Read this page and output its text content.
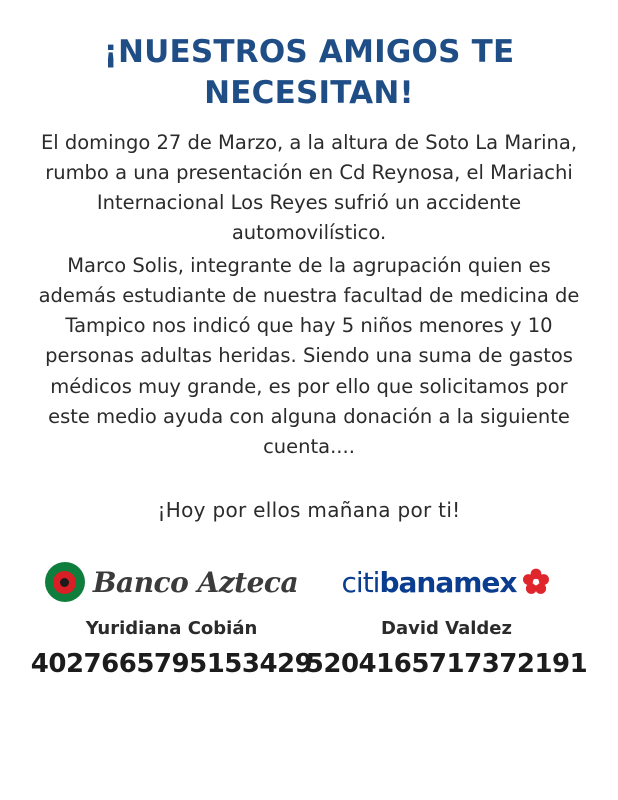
¡NUESTROS AMIGOS TE NECESITAN!

El domingo 27 de Marzo, a la altura de Soto La Marina, rumbo a una presentación en Cd Reynosa, el Mariachi Internacional Los Reyes sufrió un accidente automovilístico.

Marco Solis, integrante de la agrupación quien es además estudiante de nuestra facultad de medicina de Tampico nos indicó que hay 5 niños menores y 10 personas adultas heridas. Siendo una suma de gastos médicos muy grande, es por ello que solicitamos por este medio ayuda con alguna donación a la siguiente cuenta....

¡Hoy por ellos mañana por ti!
Banco Azteca
Yuridiana Cobián
4027665795153429
citibanamex
David Valdez
5204165717372191
